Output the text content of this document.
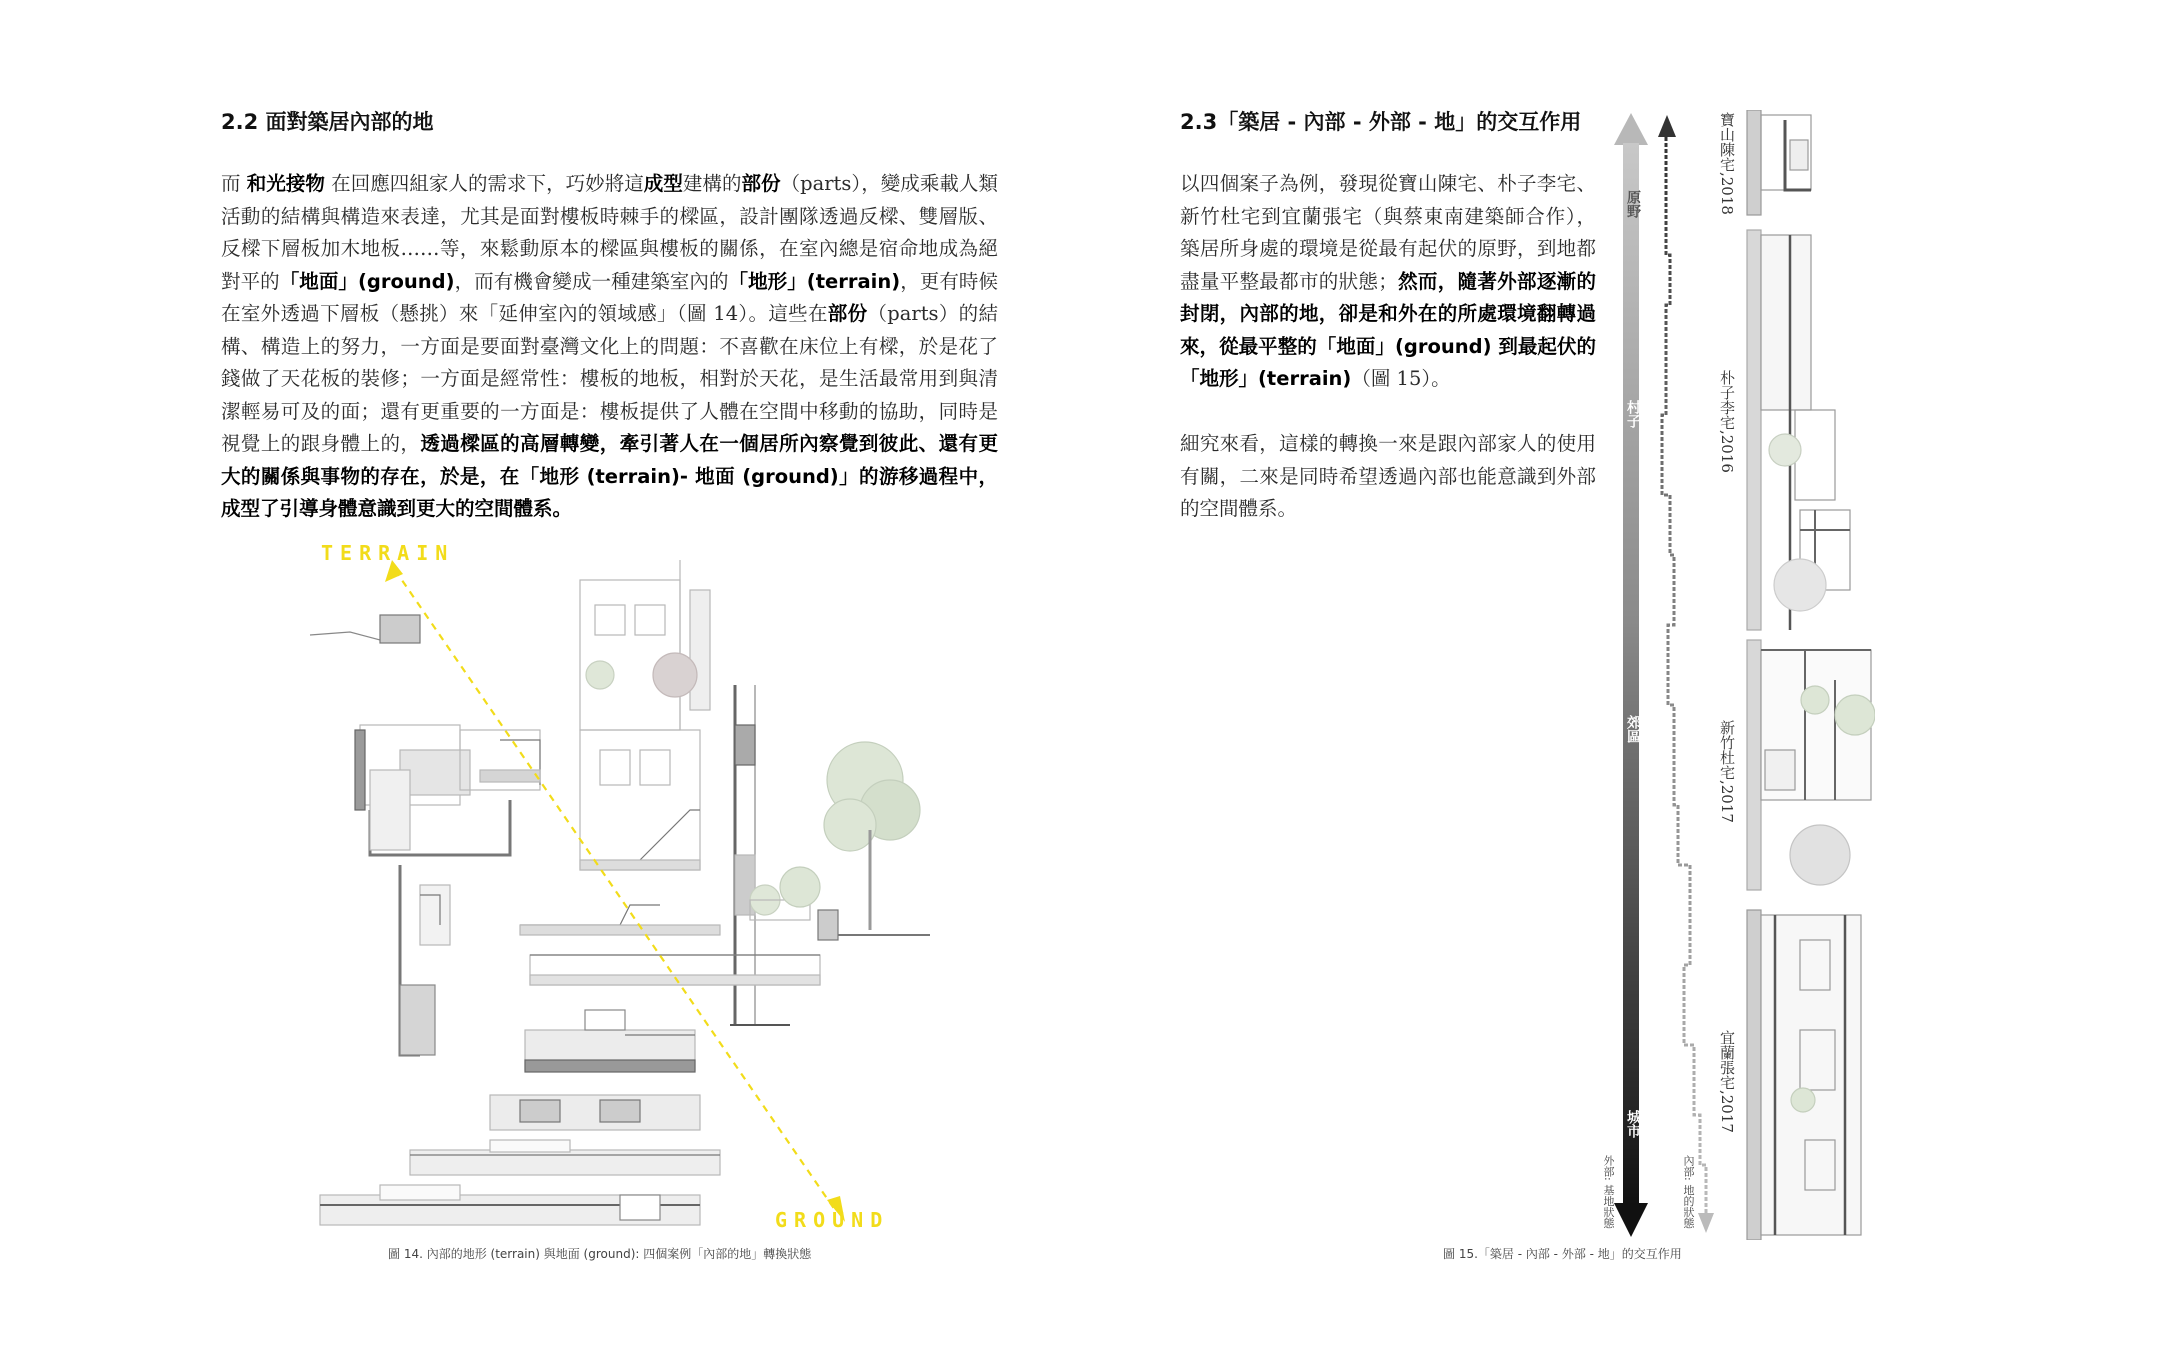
2.2 面對築居內部的地
而 和光接物 在回應四組家人的需求下，巧妙將這成型建構的部份（parts），變成乘載人類活動的結構與構造來表達，尤其是面對樓板時棘手的樑區，設計團隊透過反樑、雙層版、反樑下層板加木地板……等，來鬆動原本的樑區與樓板的關係，在室內總是宿命地成為絕對平的「地面」(ground)，而有機會變成一種建築室內的「地形」(terrain)，更有時候在室外透過下層板（懸挑）來「延伸室內的領域感」（圖 14）。這些在部份（parts）的結構、構造上的努力，一方面是要面對臺灣文化上的問題：不喜歡在床位上有樑，於是花了錢做了天花板的裝修；一方面是經常性：樓板的地板，相對於天花，是生活最常用到與清潔輕易可及的面；還有更重要的一方面是：樓板提供了人體在空間中移動的協助，同時是視覺上的跟身體上的，透過樑區的高層轉變，牽引著人在一個居所內察覺到彼此、還有更大的關係與事物的存在，於是，在「地形 (terrain)- 地面 (ground)」的游移過程中，成型了引導身體意識到更大的空間體系。
TERRAIN
GROUND
圖 14. 內部的地形 (terrain) 與地面 (ground): 四個案例「內部的地」轉換狀態
2.3「築居 - 內部 - 外部 - 地」的交互作用
以四個案子為例，發現從寶山陳宅、朴子李宅、新竹杜宅到宜蘭張宅（與蔡東南建築師合作），築居所身處的環境是從最有起伏的原野，到地都盡量平整最都市的狀態；然而，隨著外部逐漸的封閉，內部的地，卻是和外在的所處環境翻轉過來，從最平整的「地面」(ground) 到最起伏的「地形」(terrain)（圖 15）。
細究來看，這樣的轉換一來是跟內部家人的使用有關，二來是同時希望透過內部也能意識到外部的空間體系。
原野
村子
郊區
城市
外部: 基地狀態	內部: 地的狀態
寶山陳宅,2018
朴子李宅,2016
新竹杜宅,2017
宜蘭張宅,2017
圖 15.「築居 - 內部 - 外部 - 地」的交互作用
